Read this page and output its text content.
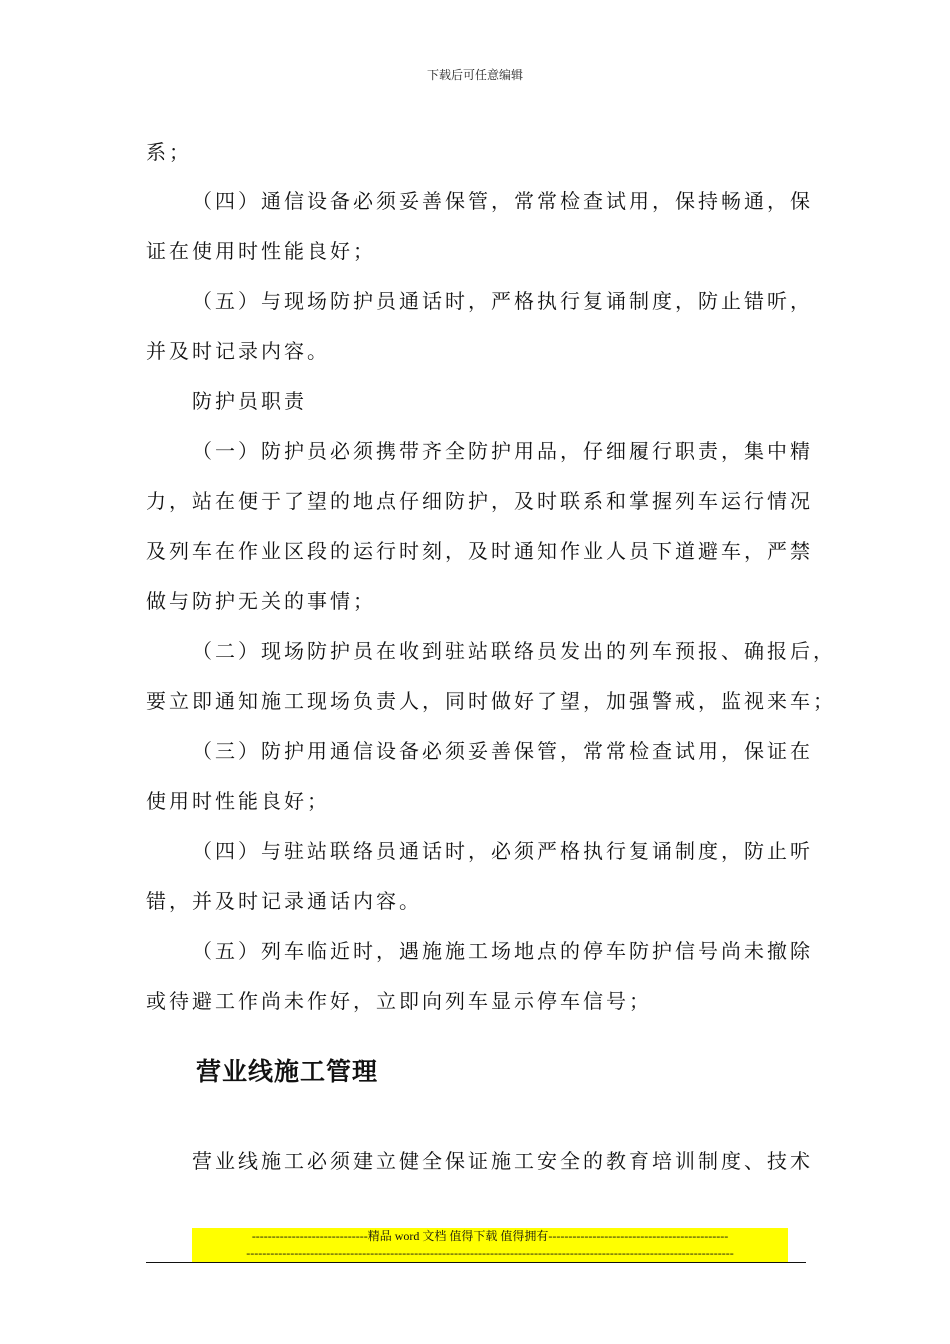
下载后可任意编辑

系；

（四）通信设备必须妥善保管，常常检查试用，保持畅通，保

证在使用时性能良好；

（五）与现场防护员通话时，严格执行复诵制度，防止错听，

并及时记录内容。

防护员职责

（一）防护员必须携带齐全防护用品，仔细履行职责，集中精

力，站在便于了望的地点仔细防护，及时联系和掌握列车运行情况

及列车在作业区段的运行时刻，及时通知作业人员下道避车，严禁

做与防护无关的事情；

（二）现场防护员在收到驻站联络员发出的列车预报、确报后，

要立即通知施工现场负责人，同时做好了望，加强警戒，监视来车；

（三）防护用通信设备必须妥善保管，常常检查试用，保证在

使用时性能良好；

（四）与驻站联络员通话时，必须严格执行复诵制度，防止听

错，并及时记录通话内容。

（五）列车临近时，遇施施工场地点的停车防护信号尚未撤除

或待避工作尚未作好，立即向列车显示停车信号；

营业线施工管理

营业线施工必须建立健全保证施工安全的教育培训制度、技术

-----------------------------精品 word 文档 值得下载 值得拥有---------------------------------------------
--------------------------------------------------------------------------------------------------------------------------
